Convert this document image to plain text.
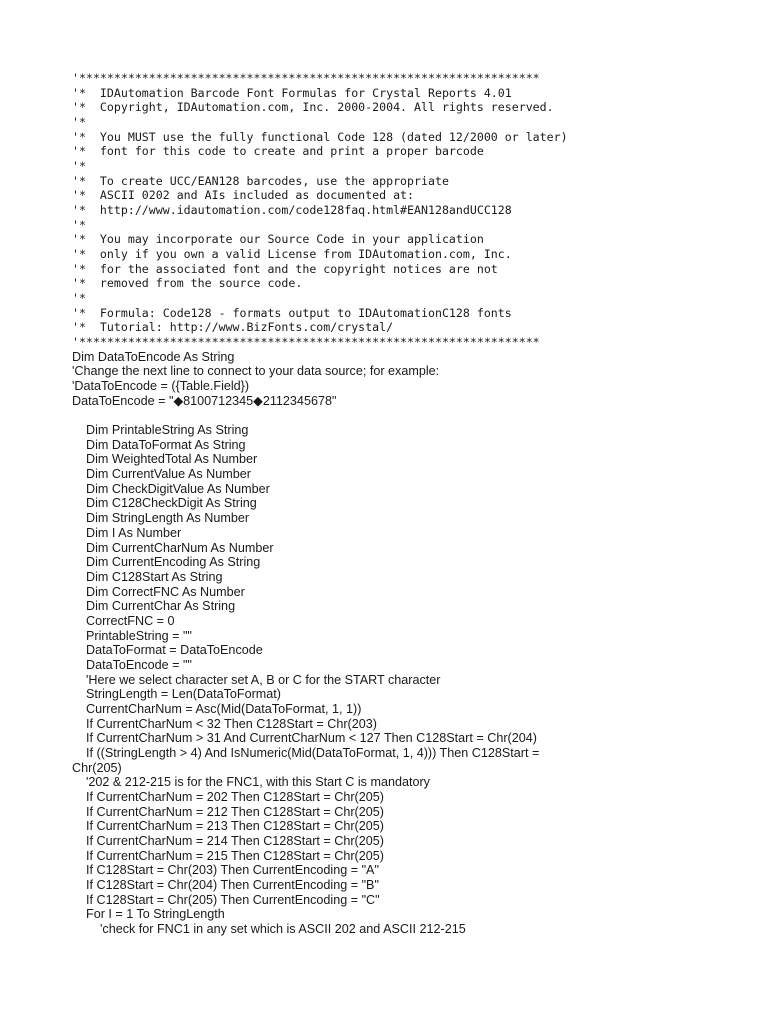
'******************************************************************
'*  IDAutomation Barcode Font Formulas for Crystal Reports 4.01
'*  Copyright, IDAutomation.com, Inc. 2000-2004. All rights reserved.
'*
'*  You MUST use the fully functional Code 128 (dated 12/2000 or later)
'*  font for this code to create and print a proper barcode
'*
'*  To create UCC/EAN128 barcodes, use the appropriate
'*  ASCII 0202 and AIs included as documented at:
'*  http://www.idautomation.com/code128faq.html#EAN128andUCC128
'*
'*  You may incorporate our Source Code in your application
'*  only if you own a valid License from IDAutomation.com, Inc.
'*  for the associated font and the copyright notices are not
'*  removed from the source code.
'*
'*  Formula: Code128 - formats output to IDAutomationC128 fonts
'*  Tutorial: http://www.BizFonts.com/crystal/
'******************************************************************
Dim DataToEncode As String
'Change the next line to connect to your data source; for example:
'DataToEncode = ({Table.Field})
DataToEncode = "◆8100712345◆2112345678"
Dim PrintableString As String
Dim DataToFormat As String
Dim WeightedTotal As Number
Dim CurrentValue As Number
Dim CheckDigitValue As Number
Dim C128CheckDigit As String
Dim StringLength As Number
Dim I As Number
Dim CurrentCharNum As Number
Dim CurrentEncoding As String
Dim C128Start As String
Dim CorrectFNC As Number
Dim CurrentChar As String
CorrectFNC = 0
PrintableString = ""
DataToFormat = DataToEncode
DataToEncode = ""
'Here we select character set A, B or C for the START character
StringLength = Len(DataToFormat)
CurrentCharNum = Asc(Mid(DataToFormat, 1, 1))
If CurrentCharNum < 32 Then C128Start = Chr(203)
If CurrentCharNum > 31 And CurrentCharNum < 127 Then C128Start = Chr(204)
If ((StringLength > 4) And IsNumeric(Mid(DataToFormat, 1, 4))) Then C128Start =
Chr(205)
'202 & 212-215 is for the FNC1, with this Start C is mandatory
If CurrentCharNum = 202 Then C128Start = Chr(205)
If CurrentCharNum = 212 Then C128Start = Chr(205)
If CurrentCharNum = 213 Then C128Start = Chr(205)
If CurrentCharNum = 214 Then C128Start = Chr(205)
If CurrentCharNum = 215 Then C128Start = Chr(205)
If C128Start = Chr(203) Then CurrentEncoding = "A"
If C128Start = Chr(204) Then CurrentEncoding = "B"
If C128Start = Chr(205) Then CurrentEncoding = "C"
For I = 1 To StringLength
'check for FNC1 in any set which is ASCII 202 and ASCII 212-215
